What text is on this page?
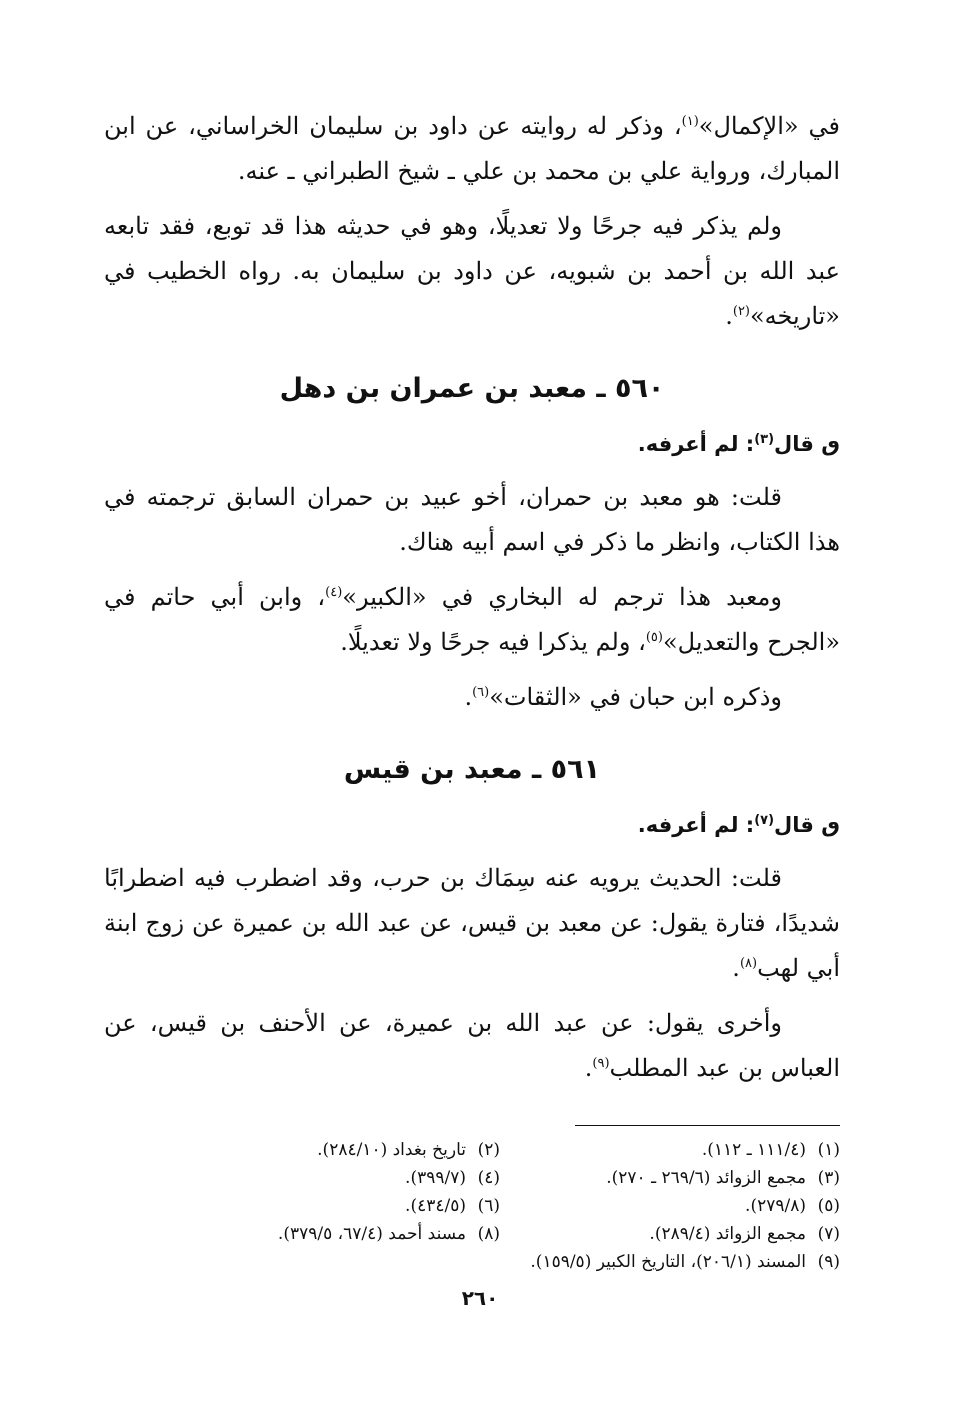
في «الإكمال»$^{(١)}$، وذكر له روايته عن داود بن سليمان الخراساني، عن ابن المبارك، ورواية علي بن محمد بن علي ـ شيخ الطبراني ـ عنه.

ولم يذكر فيه جرحًا ولا تعديلًا، وهو في حديثه هذا قد توبع، فقد تابعه عبد الله بن أحمد بن شبويه، عن داود بن سليمان به. رواه الخطيب في «تاريخه»$^{(٢)}$.

٥٦٠ ـ معبد بن عمران بن دهل
ٯ قال$^{(٣)}$: لم أعرفه.

قلت: هو معبد بن حمران، أخو عبيد بن حمران السابق ترجمته في هذا الكتاب، وانظر ما ذكر في اسم أبيه هناك.

ومعبد هذا ترجم له البخاري في «الكبير»$^{(٤)}$، وابن أبي حاتم في «الجرح والتعديل»$^{(٥)}$، ولم يذكرا فيه جرحًا ولا تعديلًا.

وذكره ابن حبان في «الثقات»$^{(٦)}$.

٥٦١ ـ معبد بن قيس
ٯ قال$^{(٧)}$: لم أعرفه.

قلت: الحديث يرويه عنه سِمَاك بن حرب، وقد اضطرب فيه اضطرابًا شديدًا، فتارة يقول: عن معبد بن قيس، عن عبد الله بن عميرة عن زوج ابنة أبي لهب$^{(٨)}$.

وأخرى يقول: عن عبد الله بن عميرة، عن الأحنف بن قيس، عن العباس بن عبد المطلب$^{(٩)}$.

(١)(١١١/٤ ـ ١١٢).
(٢)تاريخ بغداد (٢٨٤/١٠).
(٣)مجمع الزوائد (٢٦٩/٦ ـ ٢٧٠).
(٤)(٣٩٩/٧).
(٥)(٢٧٩/٨).
(٦)(٤٣٤/٥).
(٧)مجمع الزوائد (٢٨٩/٤).
(٨)مسند أحمد (٦٧/٤، ٣٧٩/٥).
(٩)المسند (٢٠٦/١)، التاريخ الكبير (١٥٩/٥).
٢٦٠
